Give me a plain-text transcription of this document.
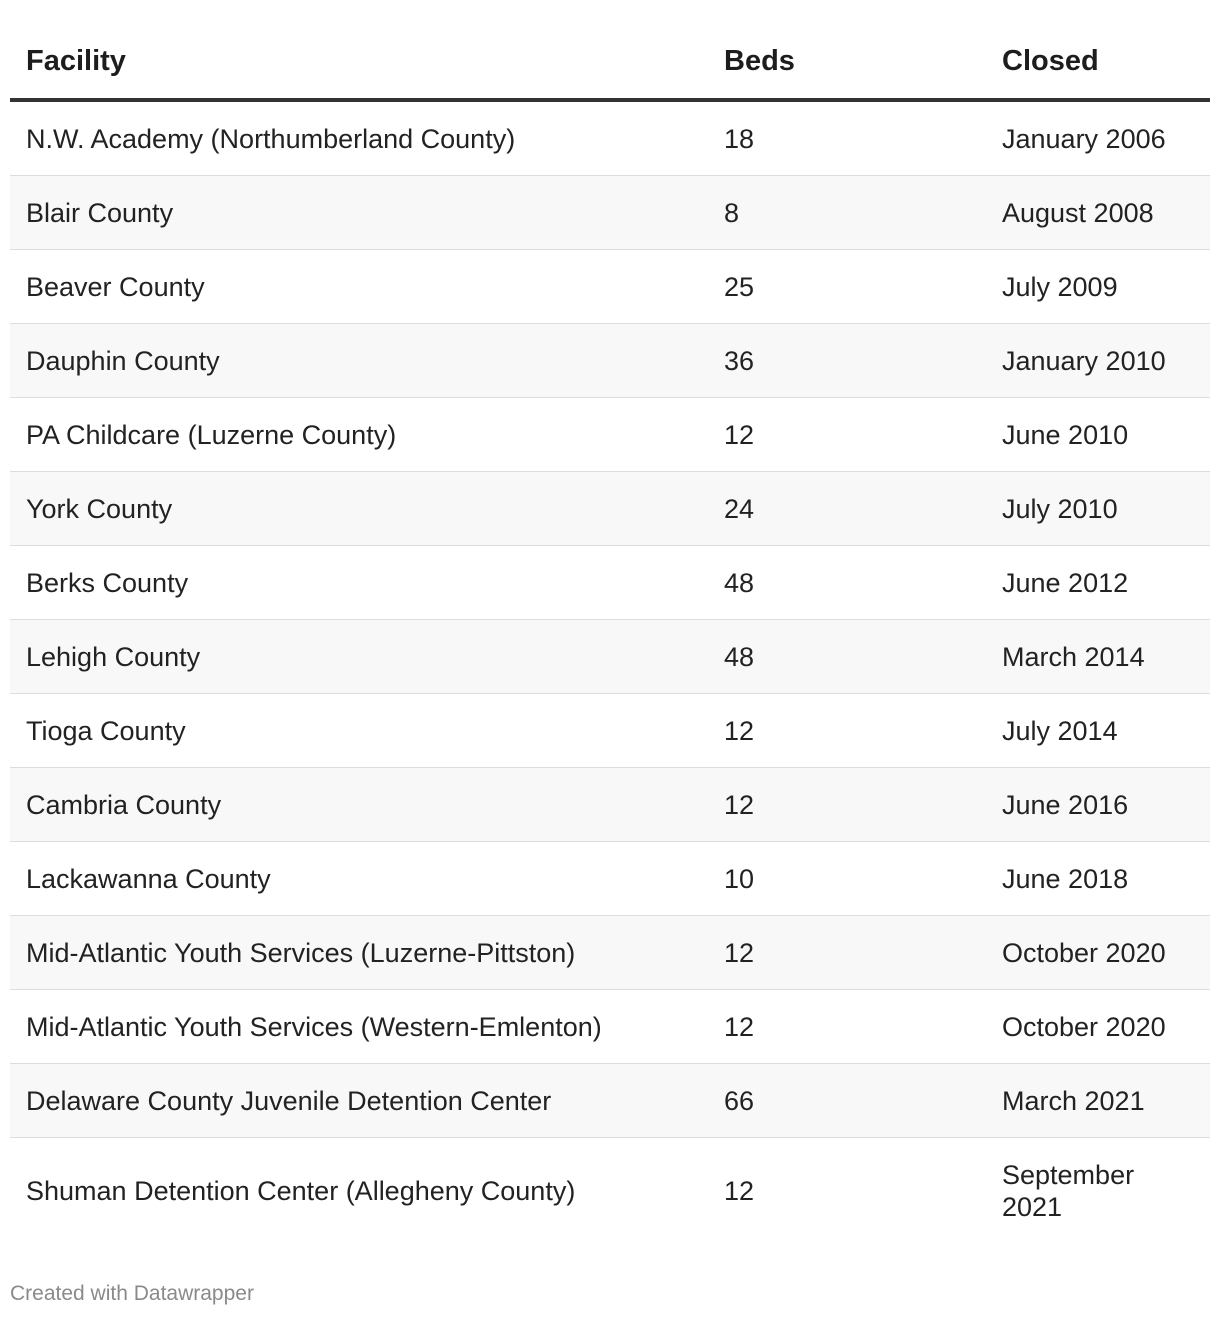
Facility	Beds	Closed
N.W. Academy (Northumberland County)	18	January 2006
Blair County	8	August 2008
Beaver County	25	July 2009
Dauphin County	36	January 2010
PA Childcare (Luzerne County)	12	June 2010
York County	24	July 2010
Berks County	48	June 2012
Lehigh County	48	March 2014
Tioga County	12	July 2014
Cambria County	12	June 2016
Lackawanna County	10	June 2018
Mid-Atlantic Youth Services (Luzerne-Pittston)	12	October 2020
Mid-Atlantic Youth Services (Western-Emlenton)	12	October 2020
Delaware County Juvenile Detention Center	66	March 2021
Shuman Detention Center (Allegheny County)	12	September 2021
Created with Datawrapper
